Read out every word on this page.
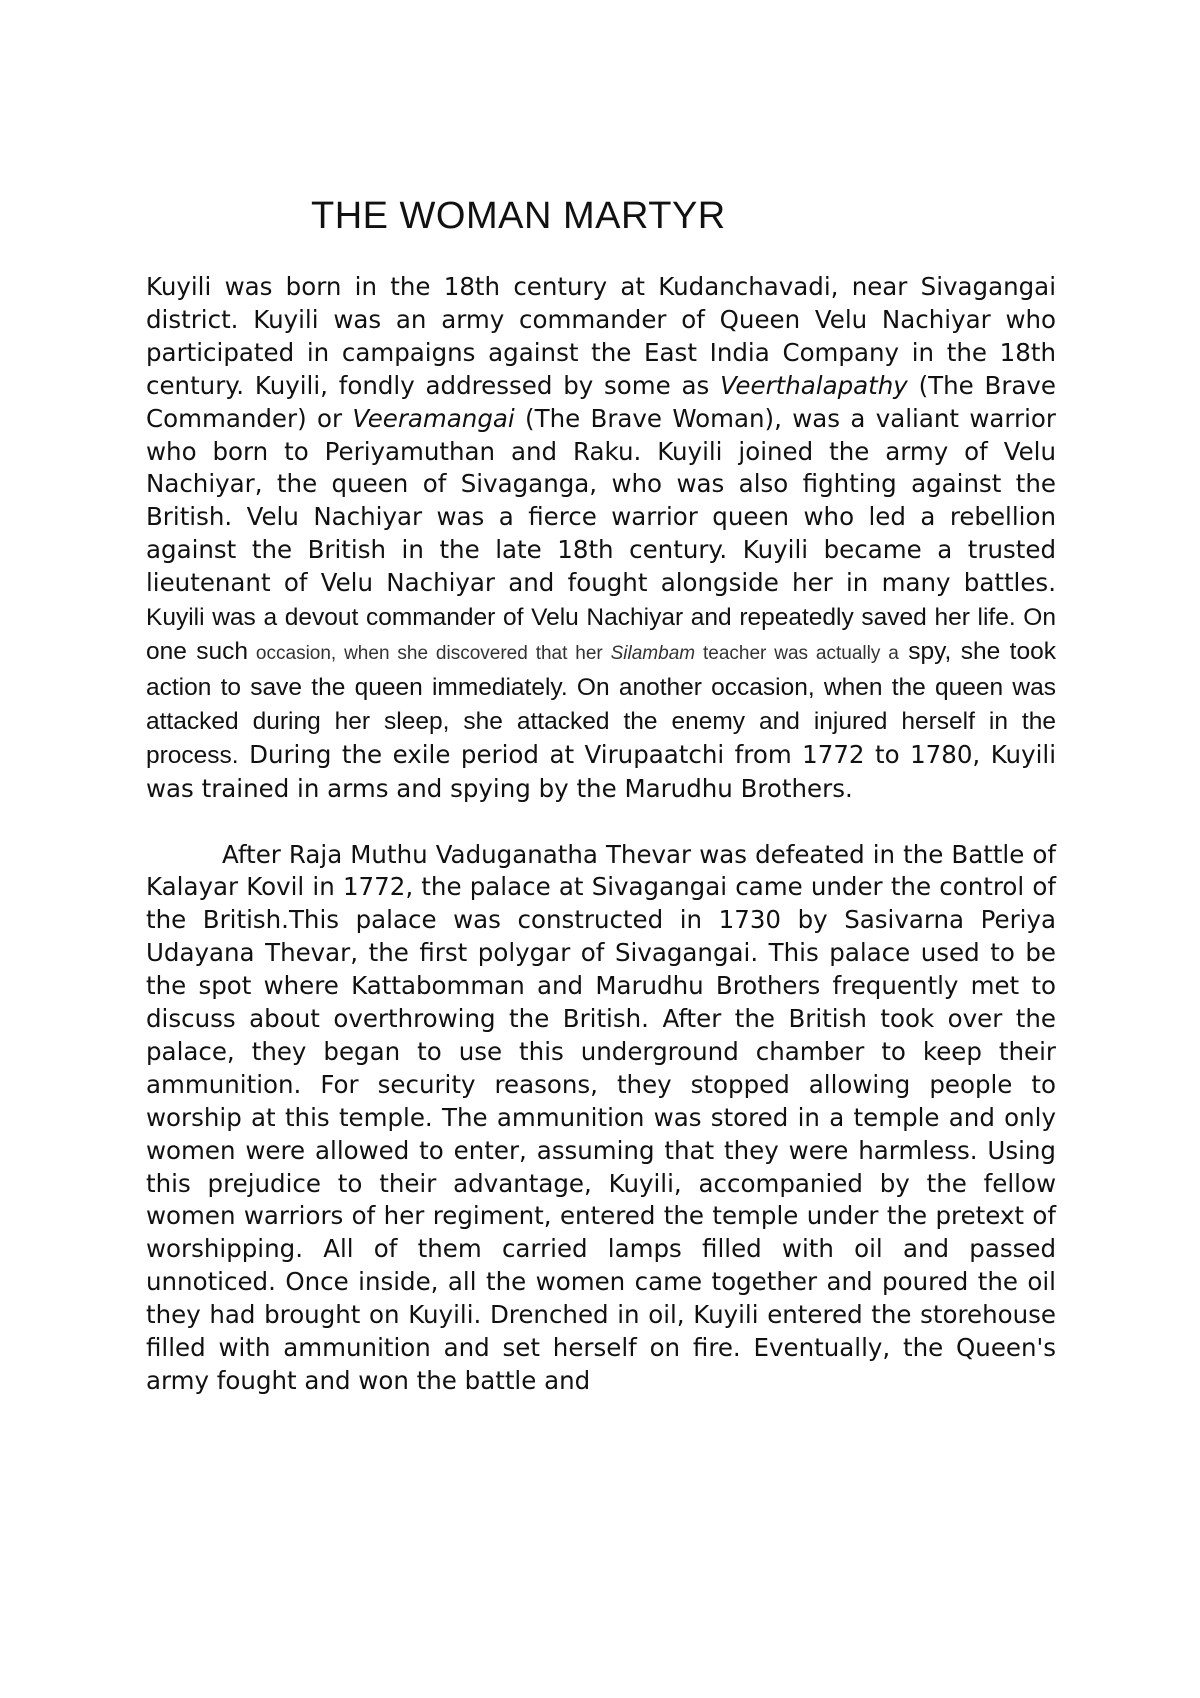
THE WOMAN MARTYR

Kuyili was born in the 18th century at Kudanchavadi, near Sivagangai district. Kuyili was an army commander of Queen Velu Nachiyar who participated in campaigns against the East India Company in the 18th century. Kuyili, fondly addressed by some as Veerthalapathy (The Brave Commander) or Veeramangai (The Brave Woman), was a valiant warrior who born to Periyamuthan and Raku. Kuyili joined the army of Velu Nachiyar, the queen of Sivaganga, who was also fighting against the British. Velu Nachiyar was a fierce warrior queen who led a rebellion against the British in the late 18th century. Kuyili became a trusted lieutenant of Velu Nachiyar and fought alongside her in many battles. Kuyili was a devout commander of Velu Nachiyar and repeatedly saved her life. On one such occasion, when she discovered that her Silambam teacher was actually a spy, she took action to save the queen immediately. On another occasion, when the queen was attacked during her sleep, she attacked the enemy and injured herself in the process. During the exile period at Virupaatchi from 1772 to 1780, Kuyili was trained in arms and spying by the Marudhu Brothers.

After Raja Muthu Vaduganatha Thevar was defeated in the Battle of Kalayar Kovil in 1772, the palace at Sivagangai came under the control of the British.This palace was constructed in 1730 by Sasivarna Periya Udayana Thevar, the first polygar of Sivagangai. This palace used to be the spot where Kattabomman and Marudhu Brothers frequently met to discuss about overthrowing the British. After the British took over the palace, they began to use this underground chamber to keep their ammunition. For security reasons, they stopped allowing people to worship at this temple. The ammunition was stored in a temple and only women were allowed to enter, assuming that they were harmless. Using this prejudice to their advantage, Kuyili, accompanied by the fellow women warriors of her regiment, entered the temple under the pretext of worshipping. All of them carried lamps filled with oil and passed unnoticed. Once inside, all the women came together and poured the oil they had brought on Kuyili. Drenched in oil, Kuyili entered the storehouse filled with ammunition and set herself on fire. Eventually, the Queen's army fought and won the battle and
